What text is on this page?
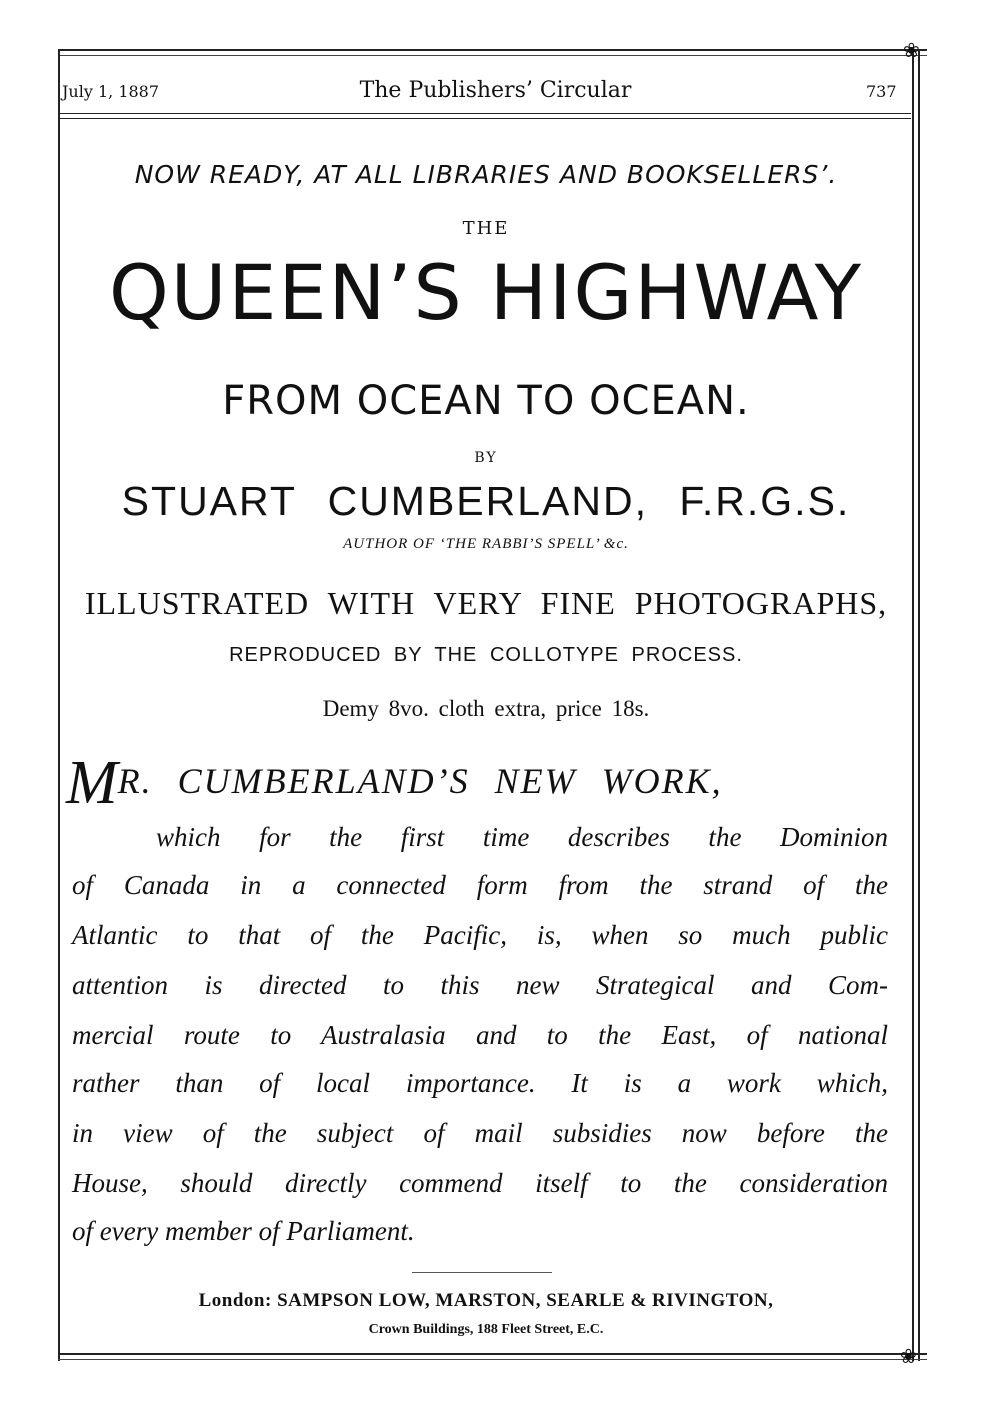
❀
❀
July 1, 1887	The Publishers’ Circular	737
NOW READY, AT ALL LIBRARIES AND BOOKSELLERS’.
THE
QUEEN’S HIGHWAY
FROM OCEAN TO OCEAN.
BY
STUART CUMBERLAND, F.R.G.S.
AUTHOR OF ‘THE RABBI’S SPELL’ &c.
ILLUSTRATED WITH VERY FINE PHOTOGRAPHS,
REPRODUCED BY THE COLLOTYPE PROCESS.
Demy 8vo. cloth extra, price 18s.
MR. CUMBERLAND’S NEW WORK,
which for the first time describes the Dominion
of Canada in a connected form from the strand of the
Atlantic to that of the Pacific, is, when so much public
attention is directed to this new Strategical and Com-
mercial route to Australasia and to the East, of national
rather than of local importance. It is a work which,
in view of the subject of mail subsidies now before the
House, should directly commend itself to the consideration
of every member of Parliament.
London: SAMPSON LOW, MARSTON, SEARLE & RIVINGTON,
Crown Buildings, 188 Fleet Street, E.C.
